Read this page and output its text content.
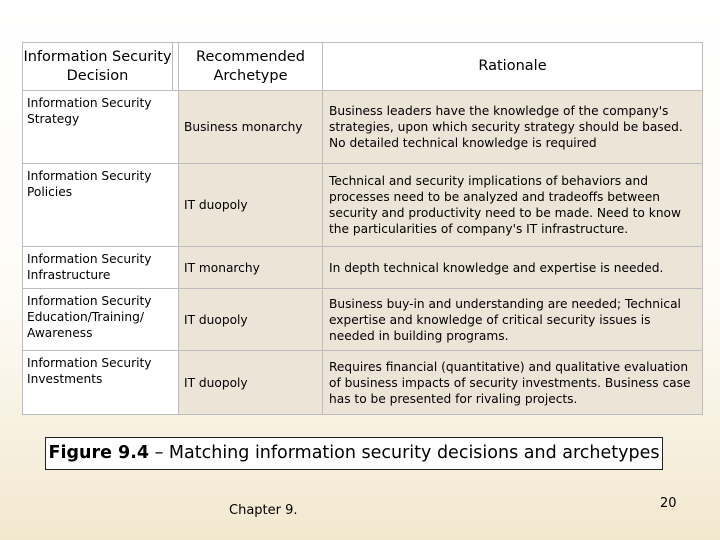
Information Security Decision		Recommended Archetype	Rationale
Information Security Strategy		Business monarchy	Business leaders have the knowledge of the company's strategies, upon which security strategy should be based. No detailed technical knowledge is required
Information Security Policies		IT duopoly	Technical and security implications of behaviors and processes need to be analyzed and tradeoffs between security and productivity need to be made. Need to know the particularities of company's IT infrastructure.
Information Security Infrastructure		IT monarchy	In depth technical knowledge and expertise is needed.
Information Security Education/Training/ Awareness		IT duopoly	Business buy-in and understanding are needed; Technical expertise and knowledge of critical security issues is needed in building programs.
Information Security Investments		IT duopoly	Requires financial (quantitative) and qualitative evaluation of business impacts of security investments. Business case has to be presented for rivaling projects.
Figure 9.4 – Matching information security decisions and archetypes
Chapter 9.	20
